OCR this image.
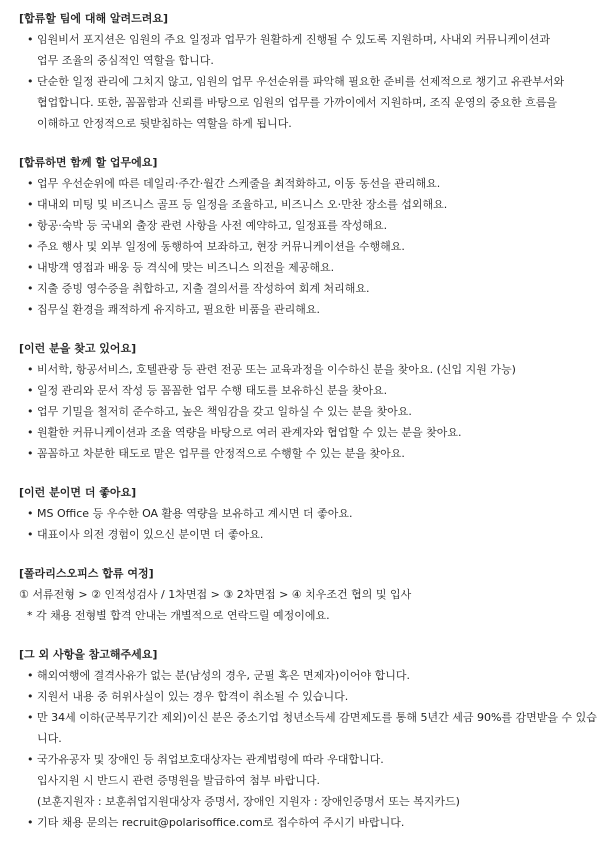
[합류할 팀에 대해 알려드려요]

• 임원비서 포지션은 임원의 주요 일정과 업무가 원활하게 진행될 수 있도록 지원하며, 사내외 커뮤니케이션과
업무 조율의 중심적인 역할을 합니다.
• 단순한 일정 관리에 그치지 않고, 임원의 업무 우선순위를 파악해 필요한 준비를 선제적으로 챙기고 유관부서와
협업합니다. 또한, 꼼꼼함과 신뢰를 바탕으로 임원의 업무를 가까이에서 지원하며, 조직 운영의 중요한 흐름을
이해하고 안정적으로 뒷받침하는 역할을 하게 됩니다.

[합류하면 함께 할 업무에요]

• 업무 우선순위에 따른 데일리·주간·월간 스케줄을 최적화하고, 이동 동선을 관리해요.
• 대내외 미팅 및 비즈니스 골프 등 일정을 조율하고, 비즈니스 오·만찬 장소를 섭외해요.
• 항공·숙박 등 국내외 출장 관련 사항을 사전 예약하고, 일정표를 작성해요.
• 주요 행사 및 외부 일정에 동행하여 보좌하고, 현장 커뮤니케이션을 수행해요.
• 내방객 영접과 배웅 등 격식에 맞는 비즈니스 의전을 제공해요.
• 지출 증빙 영수증을 취합하고, 지출 결의서를 작성하여 회계 처리해요.
• 집무실 환경을 쾌적하게 유지하고, 필요한 비품을 관리해요.

[이런 분을 찾고 있어요]

• 비서학, 항공서비스, 호텔관광 등 관련 전공 또는 교육과정을 이수하신 분을 찾아요. (신입 지원 가능)
• 일정 관리와 문서 작성 등 꼼꼼한 업무 수행 태도를 보유하신 분을 찾아요.
• 업무 기밀을 철저히 준수하고, 높은 책임감을 갖고 일하실 수 있는 분을 찾아요.
• 원활한 커뮤니케이션과 조율 역량을 바탕으로 여러 관계자와 협업할 수 있는 분을 찾아요.
• 꼼꼼하고 차분한 태도로 맡은 업무를 안정적으로 수행할 수 있는 분을 찾아요.

[이런 분이면 더 좋아요]

• MS Office 등 우수한 OA 활용 역량을 보유하고 계시면 더 좋아요.
• 대표이사 의전 경험이 있으신 분이면 더 좋아요.

[폴라리스오피스 합류 여정]

① 서류전형 > ② 인적성검사 / 1차면접 > ③ 2차면접 > ④ 치우조건 협의 및 입사

* 각 채용 전형별 합격 안내는 개별적으로 연락드릴 예정이에요.

[그 외 사항을 참고해주세요]

• 해외여행에 결격사유가 없는 분(남성의 경우, 군필 혹은 면제자)이어야 합니다.
• 지원서 내용 중 허위사실이 있는 경우 합격이 취소될 수 있습니다.
• 만 34세 이하(군복무기간 제외)이신 분은 중소기업 청년소득세 감면제도를 통해 5년간 세금 90%를 감면받을 수 있습
니다.
• 국가유공자 및 장애인 등 취업보호대상자는 관계법령에 따라 우대합니다.
입사지원 시 반드시 관련 증명원을 발급하여 첨부 바랍니다.
(보훈지원자 : 보훈취업지원대상자 증명서, 장애인 지원자 : 장애인증명서 또는 복지카드)
• 기타 채용 문의는 recruit@polarisoffice.com로 접수하여 주시기 바랍니다.
